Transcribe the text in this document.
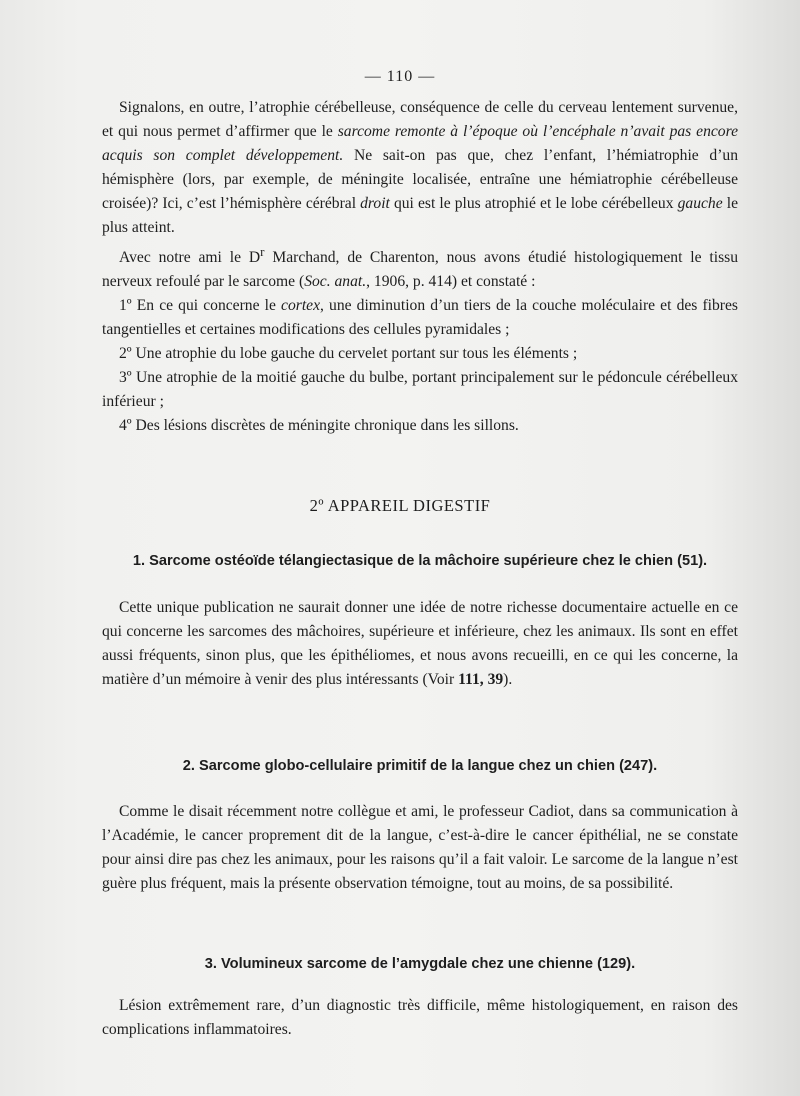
— 110 —

Signalons, en outre, l’atrophie cérébelleuse, conséquence de celle du cerveau lentement survenue, et qui nous permet d’affirmer que le sarcome remonte à l’époque où l’encéphale n’avait pas encore acquis son complet développement. Ne sait-on pas que, chez l’enfant, l’hémiatrophie d’un hémisphère (lors, par exemple, de méningite localisée, entraîne une hémiatrophie cérébelleuse croisée)? Ici, c’est l’hémisphère cérébral droit qui est le plus atrophié et le lobe cérébelleux gauche le plus atteint.

Avec notre ami le $D^r$ Marchand, de Charenton, nous avons étudié histologiquement le tissu nerveux refoulé par le sarcome (Soc. anat., 1906, p. 414) et constaté :

1º En ce qui concerne le cortex, une diminution d’un tiers de la couche moléculaire et des fibres tangentielles et certaines modifications des cellules pyramidales ;

2º Une atrophie du lobe gauche du cervelet portant sur tous les éléments ;

3º Une atrophie de la moitié gauche du bulbe, portant principalement sur le pédoncule cérébelleux inférieur ;

4º Des lésions discrètes de méningite chronique dans les sillons.

2º APPAREIL DIGESTIF
1. Sarcome ostéoïde télangiectasique de la mâchoire supérieure chez le chien (51).

Cette unique publication ne saurait donner une idée de notre richesse documentaire actuelle en ce qui concerne les sarcomes des mâchoires, supérieure et inférieure, chez les animaux. Ils sont en effet aussi fréquents, sinon plus, que les épithéliomes, et nous avons recueilli, en ce qui les concerne, la matière d’un mémoire à venir des plus intéressants (Voir 111, 39).

2. Sarcome globo-cellulaire primitif de la langue chez un chien (247).

Comme le disait récemment notre collègue et ami, le professeur Cadiot, dans sa communication à l’Académie, le cancer proprement dit de la langue, c’est-à-dire le cancer épithélial, ne se constate pour ainsi dire pas chez les animaux, pour les raisons qu’il a fait valoir. Le sarcome de la langue n’est guère plus fréquent, mais la présente observation témoigne, tout au moins, de sa possibilité.

3. Volumineux sarcome de l’amygdale chez une chienne (129).

Lésion extrêmement rare, d’un diagnostic très difficile, même histologiquement, en raison des complications inflammatoires.
